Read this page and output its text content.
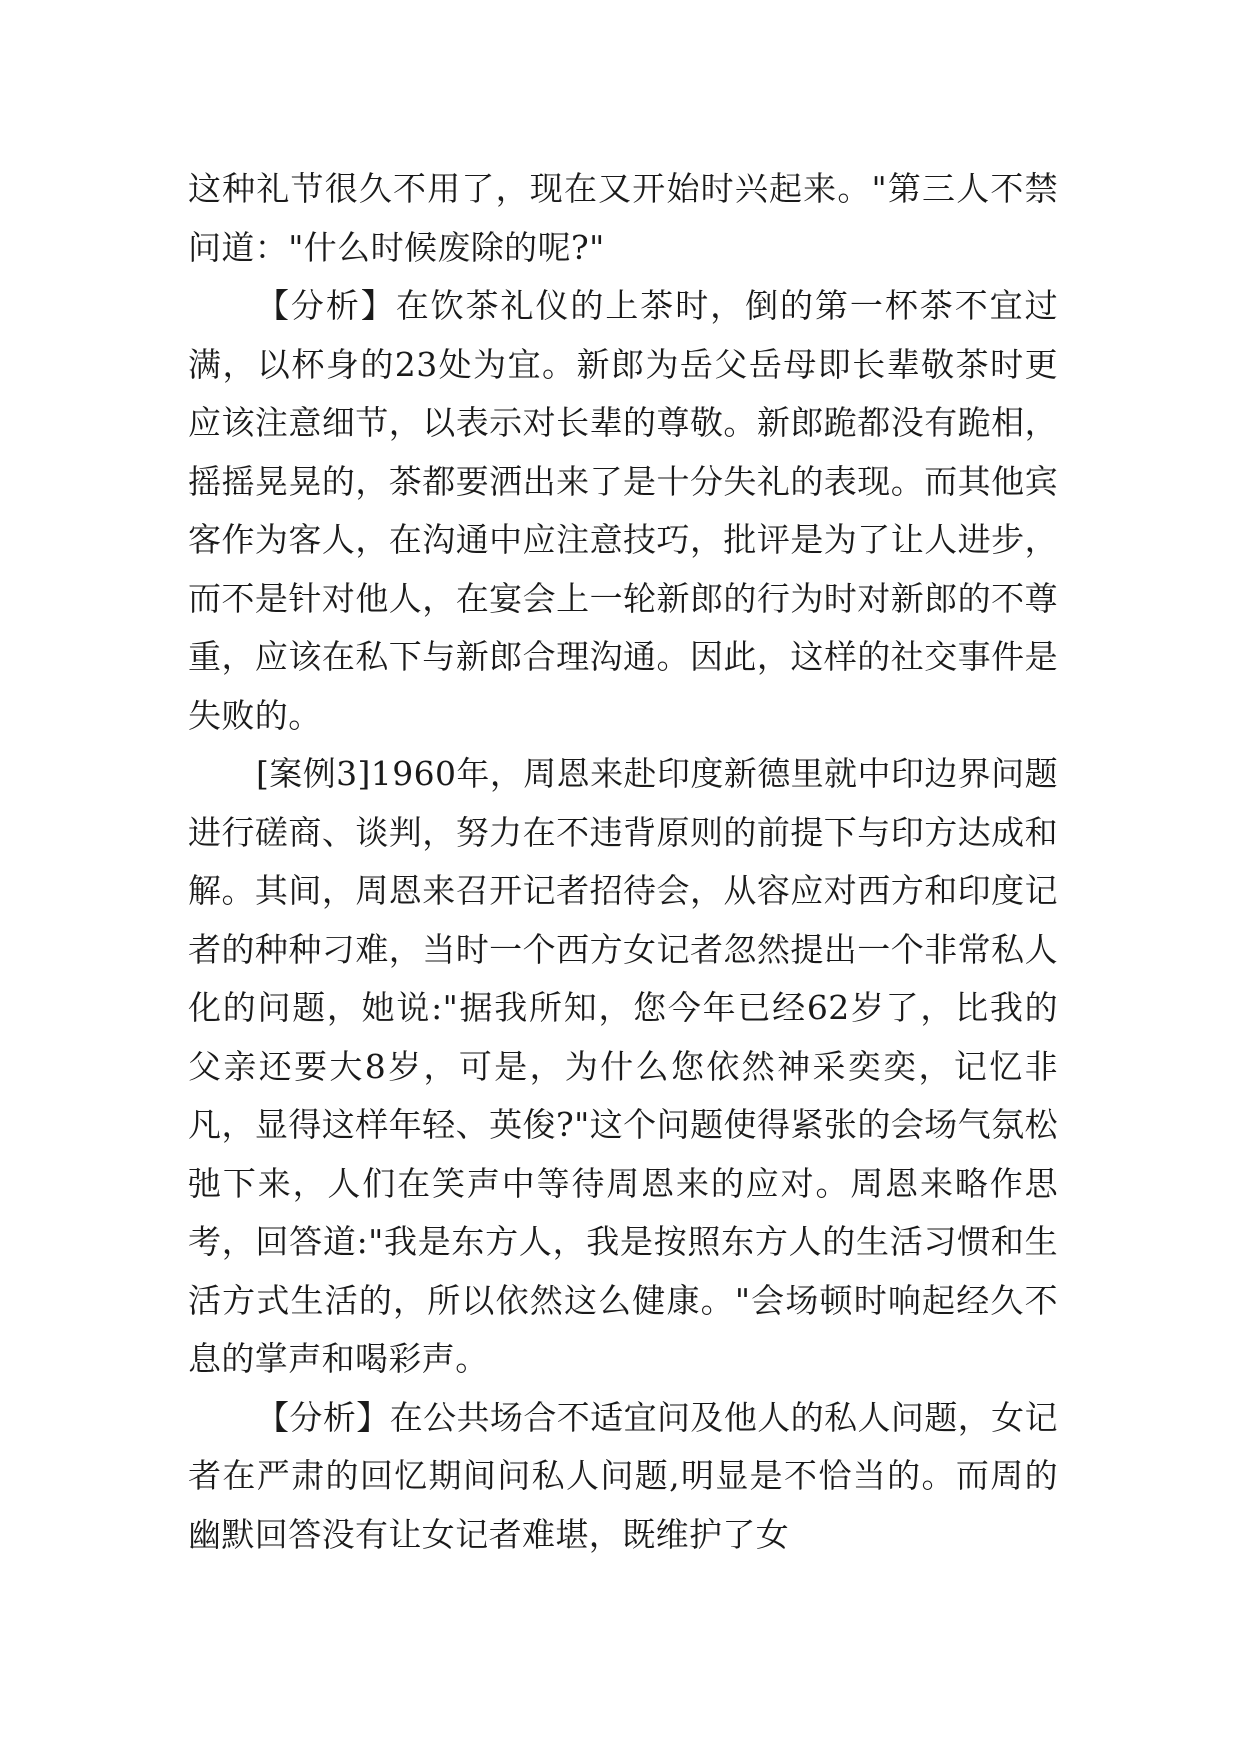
这种礼节很久不用了，现在又开始时兴起来。"第三人不禁问道："什么时候废除的呢?"

【分析】在饮茶礼仪的上茶时，倒的第一杯茶不宜过满，以杯身的23处为宜。新郎为岳父岳母即长辈敬茶时更应该注意细节，以表示对长辈的尊敬。新郎跪都没有跪相，摇摇晃晃的，茶都要洒出来了是十分失礼的表现。而其他宾客作为客人，在沟通中应注意技巧，批评是为了让人进步，而不是针对他人，在宴会上一轮新郎的行为时对新郎的不尊重，应该在私下与新郎合理沟通。因此，这样的社交事件是失败的。

[案例3]1960年，周恩来赴印度新德里就中印边界问题进行磋商、谈判，努力在不违背原则的前提下与印方达成和解。其间，周恩来召开记者招待会，从容应对西方和印度记者的种种刁难，当时一个西方女记者忽然提出一个非常私人化的问题，她说:"据我所知，您今年已经62岁了，比我的父亲还要大8岁，可是，为什么您依然神采奕奕，记忆非凡，显得这样年轻、英俊?"这个问题使得紧张的会场气氛松弛下来，人们在笑声中等待周恩来的应对。周恩来略作思考，回答道:"我是东方人，我是按照东方人的生活习惯和生活方式生活的，所以依然这么健康。"会场顿时响起经久不息的掌声和喝彩声。

【分析】在公共场合不适宜问及他人的私人问题，女记者在严肃的回忆期间问私人问题,明显是不恰当的。而周的幽默回答没有让女记者难堪，既维护了女
